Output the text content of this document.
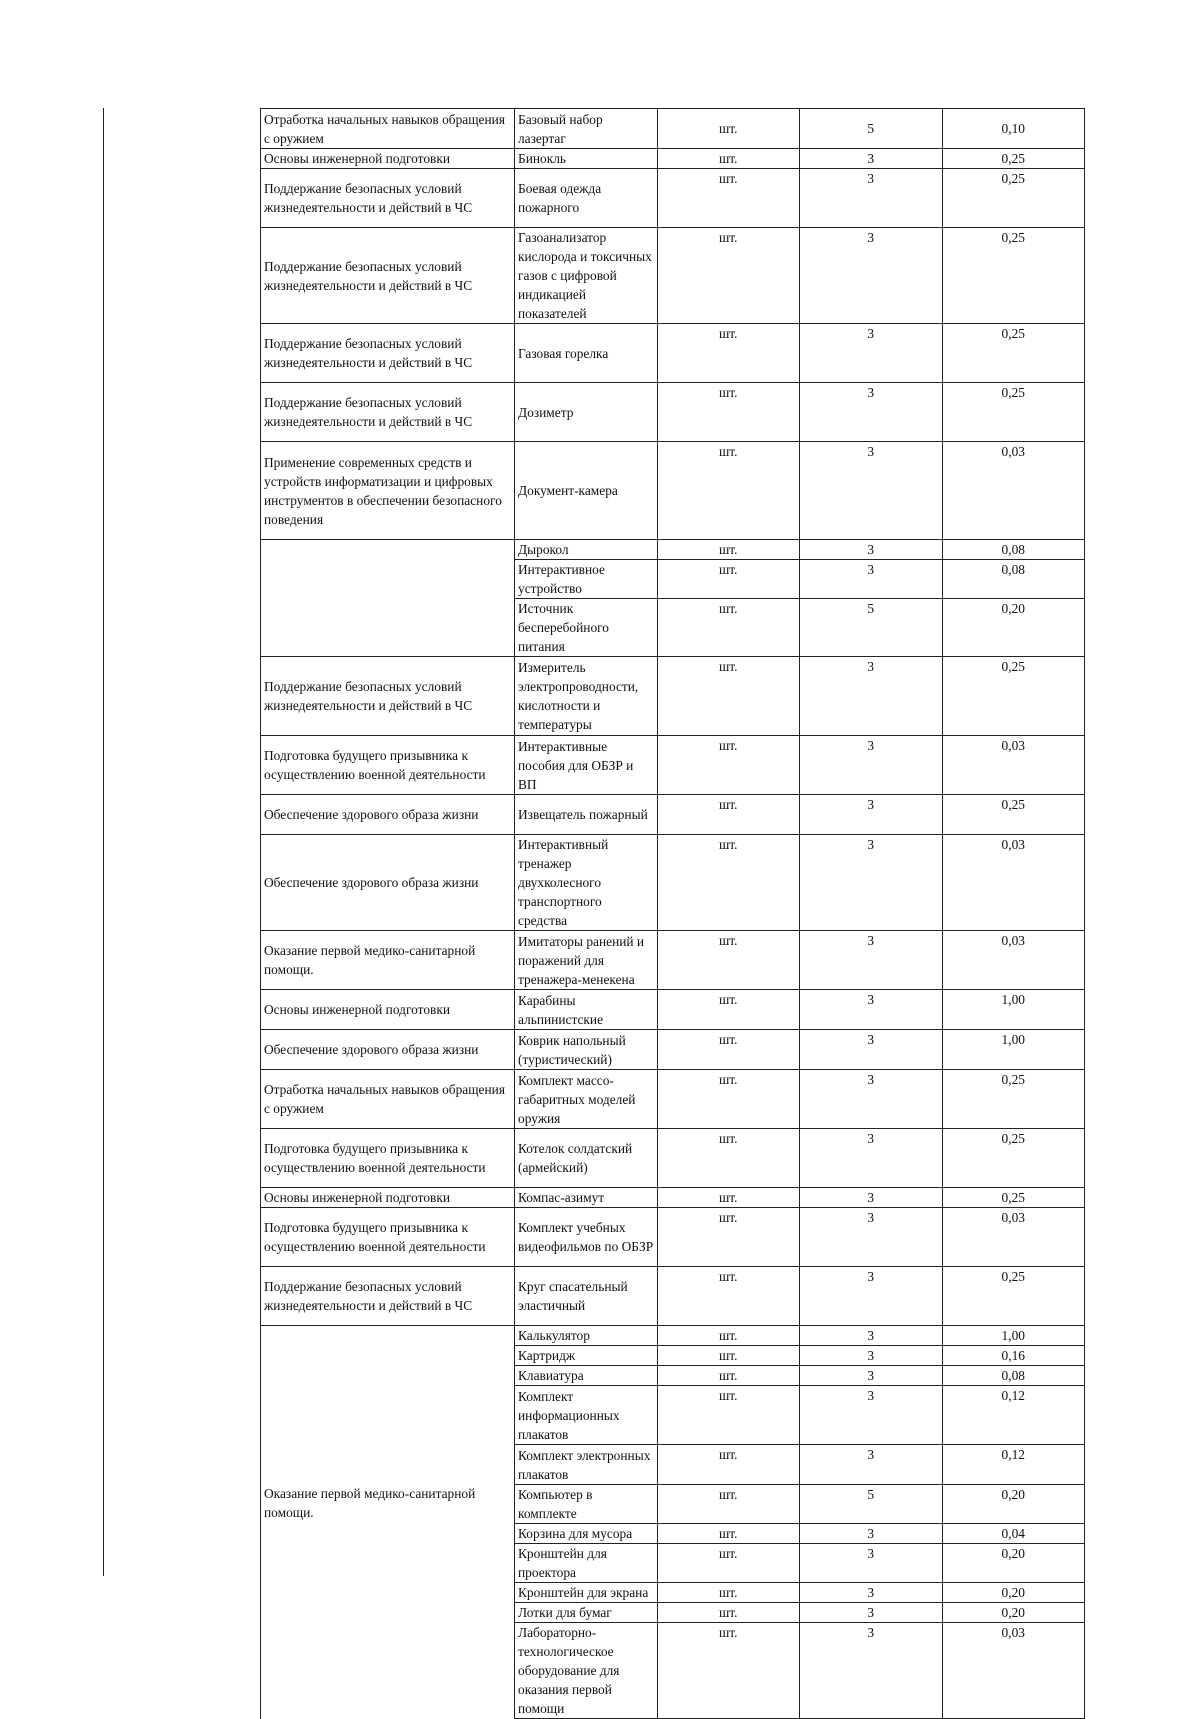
Отработка начальных навыков обращения с оружием	Базовый набор лазертаг	шт.	5	0,10
Основы инженерной подготовки	Бинокль	шт.	3	0,25
Поддержание безопасных условий жизнедеятельности и действий в ЧС	Боевая одежда пожарного	шт.	3	0,25
Поддержание безопасных условий жизнедеятельности и действий в ЧС	Газоанализатор кислорода и токсичных газов с цифровой индикацией показателей	шт.	3	0,25
Поддержание безопасных условий жизнедеятельности и действий в ЧС	Газовая горелка	шт.	3	0,25
Поддержание безопасных условий жизнедеятельности и действий в ЧС	Дозиметр	шт.	3	0,25
Применение современных средств и устройств информатизации и цифровых инструментов в обеспечении безопасного поведения	Документ-камера	шт.	3	0,03
	Дырокол	шт.	3	0,08
	Интерактивное устройство	шт.	3	0,08
	Источник бесперебойного питания	шт.	5	0,20
Поддержание безопасных условий жизнедеятельности и действий в ЧС	Измеритель электропроводности, кислотности и температуры	шт.	3	0,25
Подготовка будущего призывника к осуществлению военной деятельности	Интерактивные пособия для ОБЗР и ВП	шт.	3	0,03
Обеспечение здорового образа жизни	Извещатель пожарный	шт.	3	0,25
Обеспечение здорового образа жизни	Интерактивный тренажер двухколесного транспортного средства	шт.	3	0,03
Оказание первой медико-санитарной помощи.	Имитаторы ранений и поражений для тренажера-менекена	шт.	3	0,03
Основы инженерной подготовки	Карабины альпинистские	шт.	3	1,00
Обеспечение здорового образа жизни	Коврик напольный (туристический)	шт.	3	1,00
Отработка начальных навыков обращения с оружием	Комплект массо-габаритных моделей оружия	шт.	3	0,25
Подготовка будущего призывника к осуществлению военной деятельности	Котелок солдатский (армейский)	шт.	3	0,25
Основы инженерной подготовки	Компас-азимут	шт.	3	0,25
Подготовка будущего призывника к осуществлению военной деятельности	Комплект учебных видеофильмов по ОБЗР	шт.	3	0,03
Поддержание безопасных условий жизнедеятельности и действий в ЧС	Круг спасательный эластичный	шт.	3	0,25
Оказание первой медико-санитарной помощи.	Калькулятор	шт.	3	1,00
	Картридж	шт.	3	0,16
	Клавиатура	шт.	3	0,08
	Комплект информационных плакатов	шт.	3	0,12
	Комплект электронных плакатов	шт.	3	0,12
	Компьютер в комплекте	шт.	5	0,20
	Корзина для мусора	шт.	3	0,04
	Кронштейн для проектора	шт.	3	0,20
	Кронштейн для экрана	шт.	3	0,20
	Лотки для бумаг	шт.	3	0,20
	Лабораторно-технологическое оборудование для оказания первой помощи	шт.	3	0,03
